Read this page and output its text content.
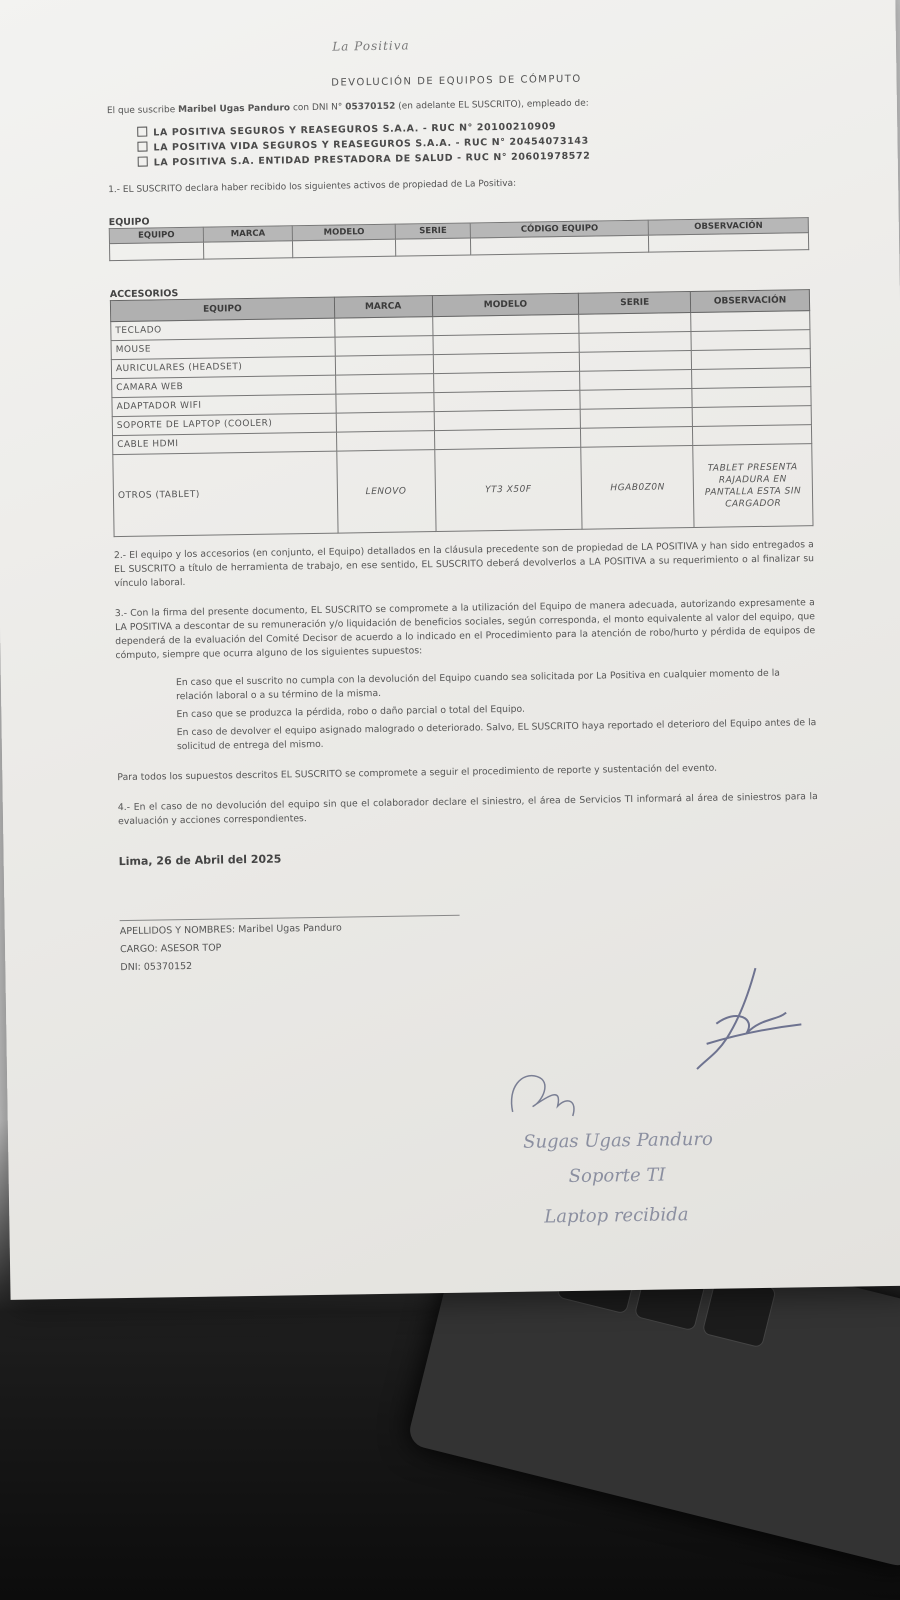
La Positiva
DEVOLUCIÓN DE EQUIPOS DE CÓMPUTO
El que suscribe Maribel Ugas Panduro con DNI N° 05370152 (en adelante EL SUSCRITO), empleado de:
LA POSITIVA SEGUROS Y REASEGUROS S.A.A. - RUC N° 20100210909
LA POSITIVA VIDA SEGUROS Y REASEGUROS S.A.A. - RUC N° 20454073143
LA POSITIVA S.A. ENTIDAD PRESTADORA DE SALUD - RUC N° 20601978572
1.- EL SUSCRITO declara haber recibido los siguientes activos de propiedad de La Positiva:
EQUIPO
EQUIPO	MARCA	MODELO	SERIE	CÓDIGO EQUIPO	OBSERVACIÓN

ACCESORIOS
EQUIPO	MARCA	MODELO	SERIE	OBSERVACIÓN
TECLADO				
MOUSE				
AURICULARES (HEADSET)				
CAMARA WEB				
ADAPTADOR WIFI				
SOPORTE DE LAPTOP (COOLER)				
CABLE HDMI				
OTROS (TABLET)	LENOVO	YT3 X50F	HGAB0Z0N	TABLET PRESENTA RAJADURA EN PANTALLA ESTA SIN CARGADOR
2.- El equipo y los accesorios (en conjunto, el Equipo) detallados en la cláusula precedente son de propiedad de LA POSITIVA y han sido entregados a EL SUSCRITO a título de herramienta de trabajo, en ese sentido, EL SUSCRITO deberá devolverlos a LA POSITIVA a su requerimiento o al finalizar su vínculo laboral.
3.- Con la firma del presente documento, EL SUSCRITO se compromete a la utilización del Equipo de manera adecuada, autorizando expresamente a LA POSITIVA a descontar de su remuneración y/o liquidación de beneficios sociales, según corresponda, el monto equivalente al valor del equipo, que dependerá de la evaluación del Comité Decisor de acuerdo a lo indicado en el Procedimiento para la atención de robo/hurto y pérdida de equipos de cómputo, siempre que ocurra alguno de los siguientes supuestos:
En caso que el suscrito no cumpla con la devolución del Equipo cuando sea solicitada por La Positiva en cualquier momento de la relación laboral o a su término de la misma.
En caso que se produzca la pérdida, robo o daño parcial o total del Equipo.
En caso de devolver el equipo asignado malogrado o deteriorado. Salvo, EL SUSCRITO haya reportado el deterioro del Equipo antes de la solicitud de entrega del mismo.
Para todos los supuestos descritos EL SUSCRITO se compromete a seguir el procedimiento de reporte y sustentación del evento.
4.- En el caso de no devolución del equipo sin que el colaborador declare el siniestro, el área de Servicios TI informará al área de siniestros para la evaluación y acciones correspondientes.
Lima, 26 de Abril del 2025
APELLIDOS Y NOMBRES: Maribel Ugas Panduro
CARGO: ASESOR TOP
DNI: 05370152
Sugas Ugas Panduro
Soporte TI
Laptop recibida
